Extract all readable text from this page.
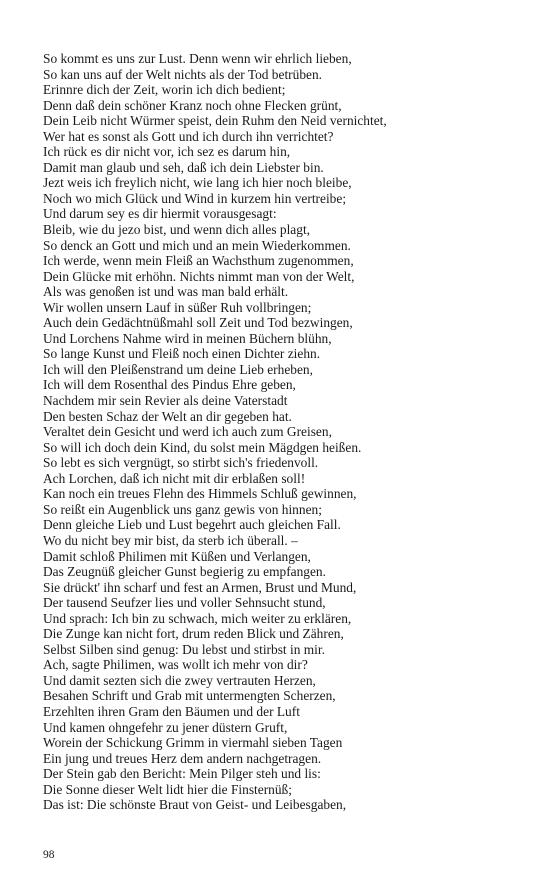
So kommt es uns zur Lust. Denn wenn wir ehrlich lieben,
So kan uns auf der Welt nichts als der Tod betrüben.
Erinnre dich der Zeit, worin ich dich bedient;
Denn daß dein schöner Kranz noch ohne Flecken grünt,
Dein Leib nicht Würmer speist, dein Ruhm den Neid vernichtet,
Wer hat es sonst als Gott und ich durch ihn verrichtet?
Ich rück es dir nicht vor, ich sez es darum hin,
Damit man glaub und seh, daß ich dein Liebster bin.
Jezt weis ich freylich nicht, wie lang ich hier noch bleibe,
Noch wo mich Glück und Wind in kurzem hin vertreibe;
Und darum sey es dir hiermit vorausgesagt:
Bleib, wie du jezo bist, und wenn dich alles plagt,
So denck an Gott und mich und an mein Wiederkommen.
Ich werde, wenn mein Fleiß an Wachsthum zugenommen,
Dein Glücke mit erhöhn. Nichts nimmt man von der Welt,
Als was genoßen ist und was man bald erhält.
Wir wollen unsern Lauf in süßer Ruh vollbringen;
Auch dein Gedächtnüßmahl soll Zeit und Tod bezwingen,
Und Lorchens Nahme wird in meinen Büchern blühn,
So lange Kunst und Fleiß noch einen Dichter ziehn.
Ich will den Pleißenstrand um deine Lieb erheben,
Ich will dem Rosenthal des Pindus Ehre geben,
Nachdem mir sein Revier als deine Vaterstadt
Den besten Schaz der Welt an dir gegeben hat.
Veraltet dein Gesicht und werd ich auch zum Greisen,
So will ich doch dein Kind, du solst mein Mägdgen heißen.
So lebt es sich vergnügt, so stirbt sich's friedenvoll.
Ach Lorchen, daß ich nicht mit dir erblaßen soll!
Kan noch ein treues Flehn des Himmels Schluß gewinnen,
So reißt ein Augenblick uns ganz gewis von hinnen;
Denn gleiche Lieb und Lust begehrt auch gleichen Fall.
Wo du nicht bey mir bist, da sterb ich überall. –
Damit schloß Philimen mit Küßen und Verlangen,
Das Zeugnüß gleicher Gunst begierig zu empfangen.
Sie drückt' ihn scharf und fest an Armen, Brust und Mund,
Der tausend Seufzer lies und voller Sehnsucht stund,
Und sprach: Ich bin zu schwach, mich weiter zu erklären,
Die Zunge kan nicht fort, drum reden Blick und Zähren,
Selbst Silben sind genug: Du lebst und stirbst in mir.
Ach, sagte Philimen, was wollt ich mehr von dir?
Und damit sezten sich die zwey vertrauten Herzen,
Besahen Schrift und Grab mit untermengten Scherzen,
Erzehlten ihren Gram den Bäumen und der Luft
Und kamen ohngefehr zu jener düstern Gruft,
Worein der Schickung Grimm in viermahl sieben Tagen
Ein jung und treues Herz dem andern nachgetragen.
Der Stein gab den Bericht: Mein Pilger steh und lis:
Die Sonne dieser Welt lidt hier die Finsternüß;
Das ist: Die schönste Braut von Geist- und Leibesgaben,
98
